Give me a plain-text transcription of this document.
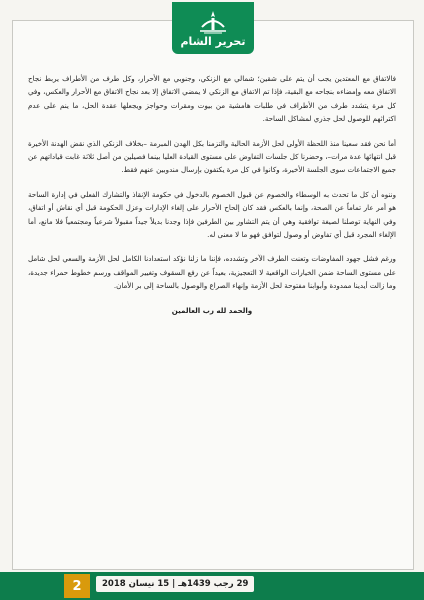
تحرير الشام

فالاتفاق مع المعتدين يجب أن يتم على شقين؛ شمالي مع الزنكي، وجنوبي مع الأحرار، وكل طرف من الأطراف يربط نجاح الاتفاق معه وإمضاءه بنجاحه مع البقية، فإذا تم الاتفاق مع الزنكي لا يمضي الاتفاق إلا بعد نجاح الاتفاق مع الأحرار والعكس، وفي كل مرة يتشدد طرف من الأطراف في طلبات هامشية من بيوت ومقرات وحواجز ويجعلها عقدة الحل، ما ينم على عدم اكتراثهم للوصول لحل جذري لمشاكل الساحة.

أما نحن فقد سعينا منذ اللحظة الأولى لحل الأزمة الحالية والتزمنا بكل الهدن المبرمة –بخلاف الزنكي الذي نقض الهدنة الأخيرة قبل انتهائها عدة مرات–، وحضرنا كل جلسات التفاوض على مستوى القيادة العليا بينما فصيلين من أصل ثلاثة غابت قياداتهم عن جميع الاجتماعات سوى الجلسة الأخيرة، وكانوا في كل مرة يكتفون بإرسال مندوبين عنهم فقط.

وننوه أن كل ما تحدث به الوسطاء والخصوم عن قبول الخصوم بالدخول في حكومة الإنقاذ والتشارك الفعلي في إدارة الساحة هو أمر عار تماماً عن الصحة، وإنما بالعكس فقد كان إلحاح الأحرار على إلغاء الإدارات وعزل الحكومة قبل أي نقاش أو اتفاق، وفي النهاية توصلنا لصيغة توافقية وهي أن يتم التشاور بين الطرفين فإذا وجدنا بديلاً جيداً مقبولاً شرعياً ومجتمعياً فلا مانع، أما الإلغاء المجرد قبل أي تفاوض أو وصول لتوافق فهو ما لا معنى له.

ورغم فشل جهود المفاوضات وتعنت الطرف الآخر وتشدده، فإننا ما زلنا نؤكد استعدادنا الكامل لحل الأزمة والسعي لحل شامل على مستوى الساحة ضمن الخيارات الواقعية لا التعجيزية، بعيداً عن رفع السقوف وتغيير المواقف ورسم خطوط حمراء جديدة، وما زالت أيدينا ممدودة وأبوابنا مفتوحة لحل الأزمة وإنهاء الصراع والوصول بالساحة إلى بر الأمان.

والحمد لله رب العالمين

2	29 رجب 1439هـ | 15 نيسان 2018
